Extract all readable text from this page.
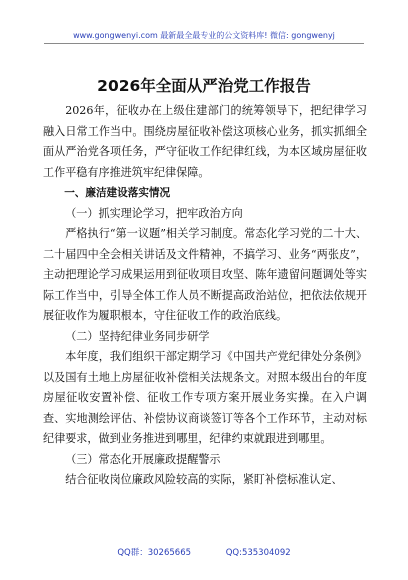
www.gongwenyi.com 最新最全最专业的公文资料库! 微信: gongwenyj
2026年全面从严治党工作报告

2026年，征收办在上级住建部门的统筹领导下，把纪律学习融入日常工作当中。围绕房屋征收补偿这项核心业务，抓实抓细全面从严治党各项任务，严守征收工作纪律红线，为本区域房屋征收工作平稳有序推进筑牢纪律保障。

一、廉洁建设落实情况

（一）抓实理论学习，把牢政治方向

严格执行“第一议题”相关学习制度。常态化学习党的二十大、二十届四中全会相关讲话及文件精神，不搞学习、业务“两张皮”，主动把理论学习成果运用到征收项目攻坚、陈年遗留问题调处等实际工作当中，引导全体工作人员不断提高政治站位，把依法依规开展征收作为履职根本，守住征收工作的政治底线。

（二）坚持纪律业务同步研学

本年度，我们组织干部定期学习《中国共产党纪律处分条例》以及国有土地上房屋征收补偿相关法规条文。对照本级出台的年度房屋征收安置补偿、征收工作专项方案开展业务实操。在入户调查、实地测绘评估、补偿协议商谈签订等各个工作环节，主动对标纪律要求，做到业务推进到哪里，纪律约束就跟进到哪里。

（三）常态化开展廉政提醒警示

结合征收岗位廉政风险较高的实际，紧盯补偿标准认定、

QQ群：30265665	QQ:535304092
